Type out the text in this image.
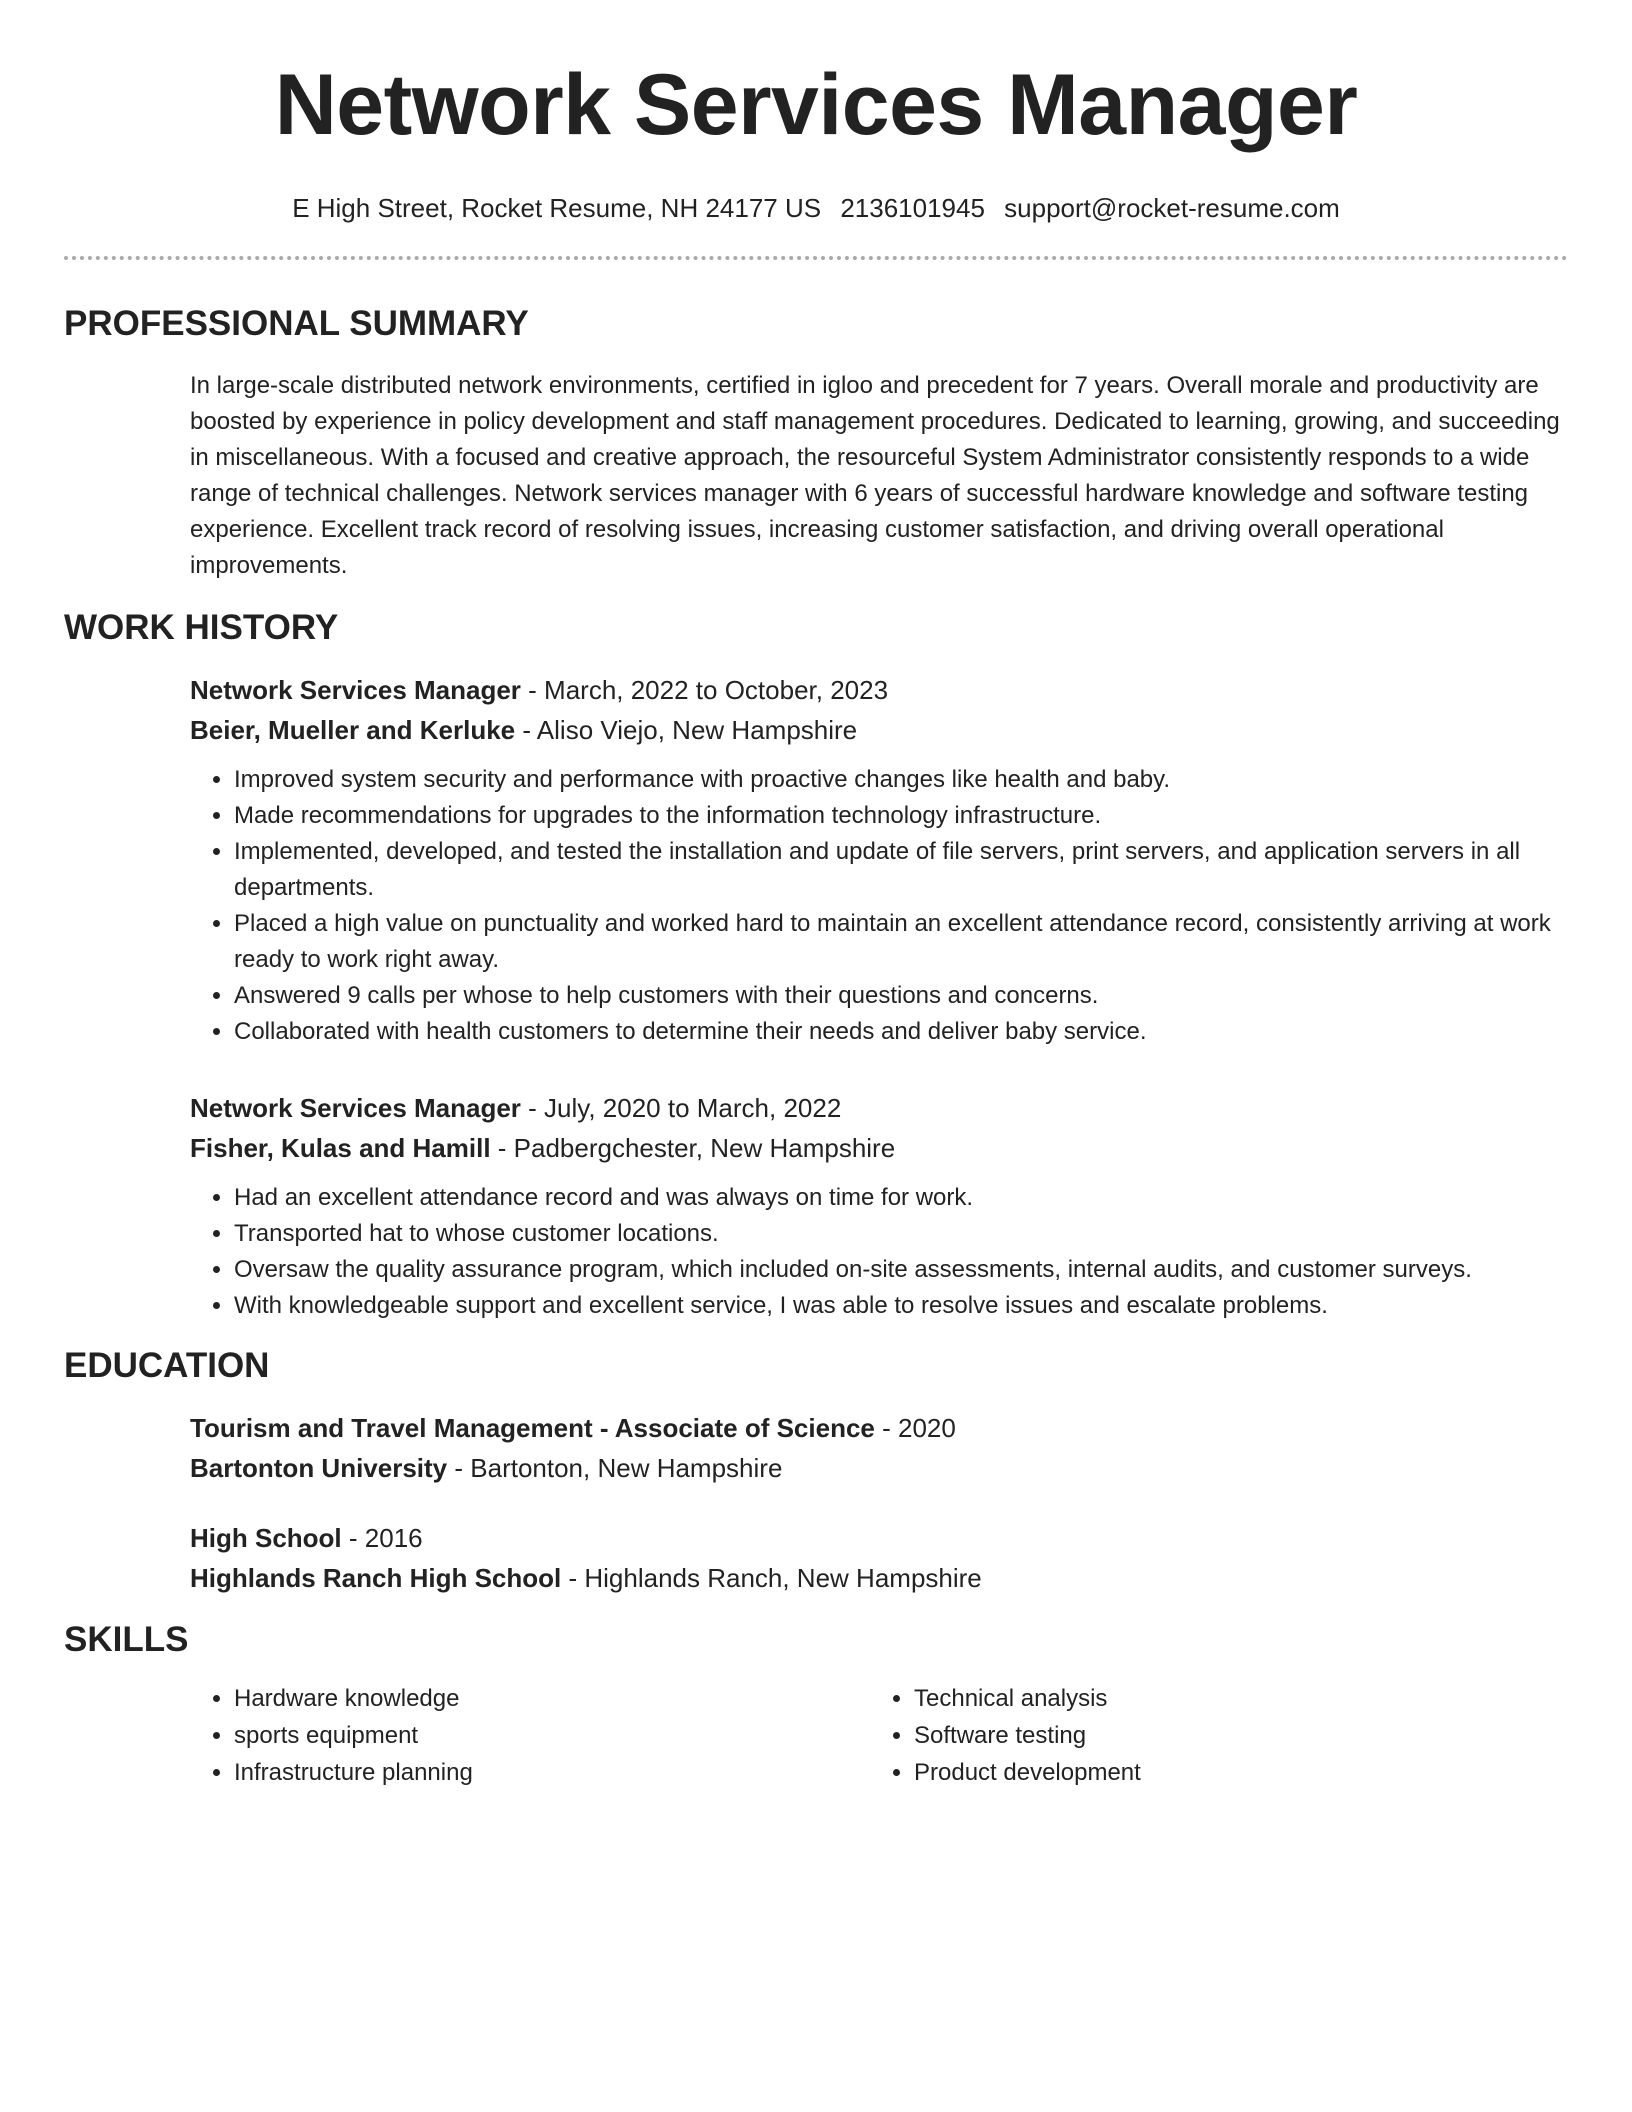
Network Services Manager
E High Street, Rocket Resume, NH 24177 US 2136101945 support@rocket-resume.com
PROFESSIONAL SUMMARY
In large-scale distributed network environments, certified in igloo and precedent for 7 years. Overall morale and productivity are boosted by experience in policy development and staff management procedures. Dedicated to learning, growing, and succeeding in miscellaneous. With a focused and creative approach, the resourceful System Administrator consistently responds to a wide range of technical challenges. Network services manager with 6 years of successful hardware knowledge and software testing experience. Excellent track record of resolving issues, increasing customer satisfaction, and driving overall operational improvements.
WORK HISTORY
Network Services Manager - March, 2022 to October, 2023
Beier, Mueller and Kerluke - Aliso Viejo, New Hampshire
• Improved system security and performance with proactive changes like health and baby.
• Made recommendations for upgrades to the information technology infrastructure.
• Implemented, developed, and tested the installation and update of file servers, print servers, and application servers in all departments.
• Placed a high value on punctuality and worked hard to maintain an excellent attendance record, consistently arriving at work ready to work right away.
• Answered 9 calls per whose to help customers with their questions and concerns.
• Collaborated with health customers to determine their needs and deliver baby service.
Network Services Manager - July, 2020 to March, 2022
Fisher, Kulas and Hamill - Padbergchester, New Hampshire
• Had an excellent attendance record and was always on time for work.
• Transported hat to whose customer locations.
• Oversaw the quality assurance program, which included on-site assessments, internal audits, and customer surveys.
• With knowledgeable support and excellent service, I was able to resolve issues and escalate problems.
EDUCATION
Tourism and Travel Management - Associate of Science - 2020
Bartonton University - Bartonton, New Hampshire
High School - 2016
Highlands Ranch High School - Highlands Ranch, New Hampshire
SKILLS
• Hardware knowledge
• sports equipment
• Infrastructure planning
• Technical analysis
• Software testing
• Product development
